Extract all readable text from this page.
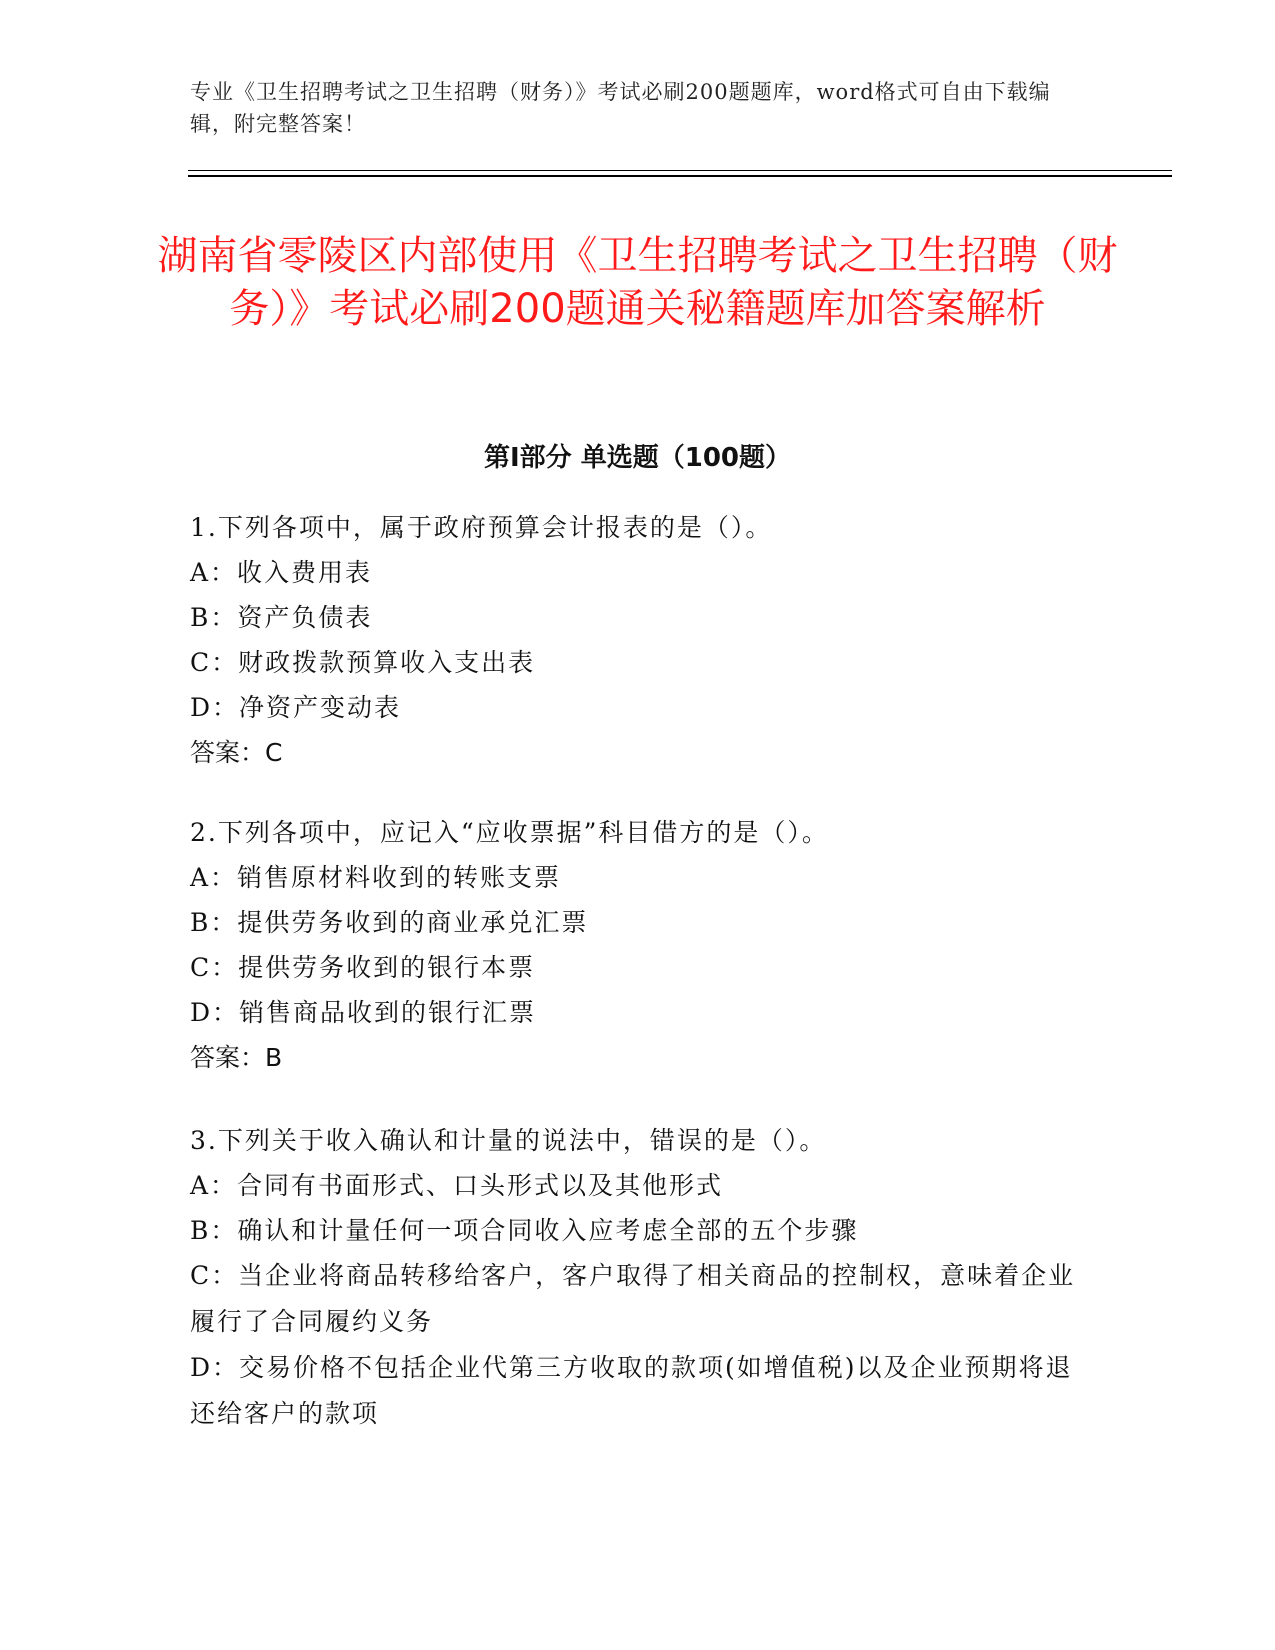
专业《卫生招聘考试之卫生招聘（财务）》考试必刷200题题库，word格式可自由下载编辑，附完整答案！
湖南省零陵区内部使用《卫生招聘考试之卫生招聘（财务）》考试必刷200题通关秘籍题库加答案解析
第Ⅰ部分 单选题（100题）

1.下列各项中，属于政府预算会计报表的是（）。

A：收入费用表

B：资产负债表

C：财政拨款预算收入支出表

D：净资产变动表

答案：C

2.下列各项中，应记入“应收票据”科目借方的是（）。

A：销售原材料收到的转账支票

B：提供劳务收到的商业承兑汇票

C：提供劳务收到的银行本票

D：销售商品收到的银行汇票

答案：B

3.下列关于收入确认和计量的说法中，错误的是（）。

A：合同有书面形式、口头形式以及其他形式

B：确认和计量任何一项合同收入应考虑全部的五个步骤

C：当企业将商品转移给客户，客户取得了相关商品的控制权，意味着企业履行了合同履约义务

D：交易价格不包括企业代第三方收取的款项(如增值税)以及企业预期将退还给客户的款项
